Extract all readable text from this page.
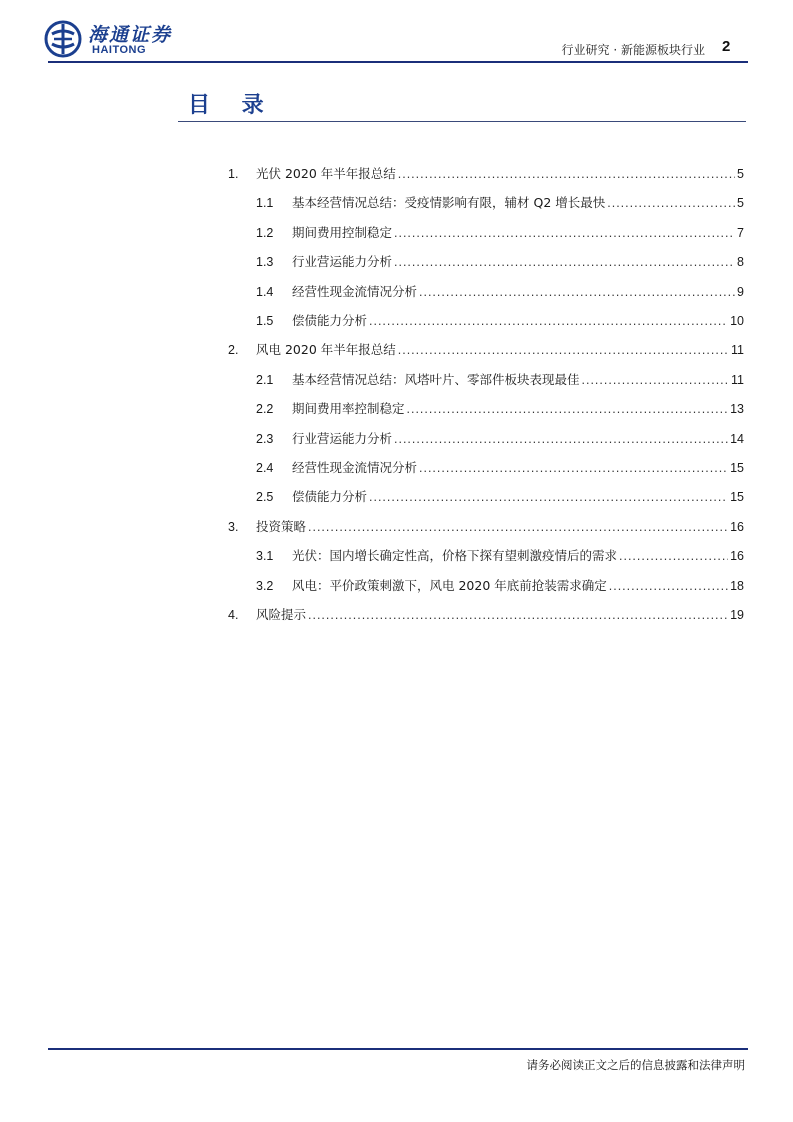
海通证券
HAITONG	行业研究 · 新能源板块行业 2
目 录
1.	光伏 2020 年半年报总结 .....	5
1.1	基本经营情况总结：受疫情影响有限，辅材 Q2 增长最快 .....	5
1.2	期间费用控制稳定 .....	7
1.3	行业营运能力分析 .....	8
1.4	经营性现金流情况分析 .....	9
1.5	偿债能力分析 .....	10
2.	风电 2020 年半年报总结 .....	11
2.1	基本经营情况总结：风塔叶片、零部件板块表现最佳 .....	11
2.2	期间费用率控制稳定 .....	13
2.3	行业营运能力分析 .....	14
2.4	经营性现金流情况分析 .....	15
2.5	偿债能力分析 .....	15
3.	投资策略 .....	16
3.1	光伏：国内增长确定性高，价格下探有望刺激疫情后的需求 .....	16
3.2	风电：平价政策刺激下，风电 2020 年底前抢装需求确定 .....	18
4.	风险提示 .....	19
请务必阅读正文之后的信息披露和法律声明
